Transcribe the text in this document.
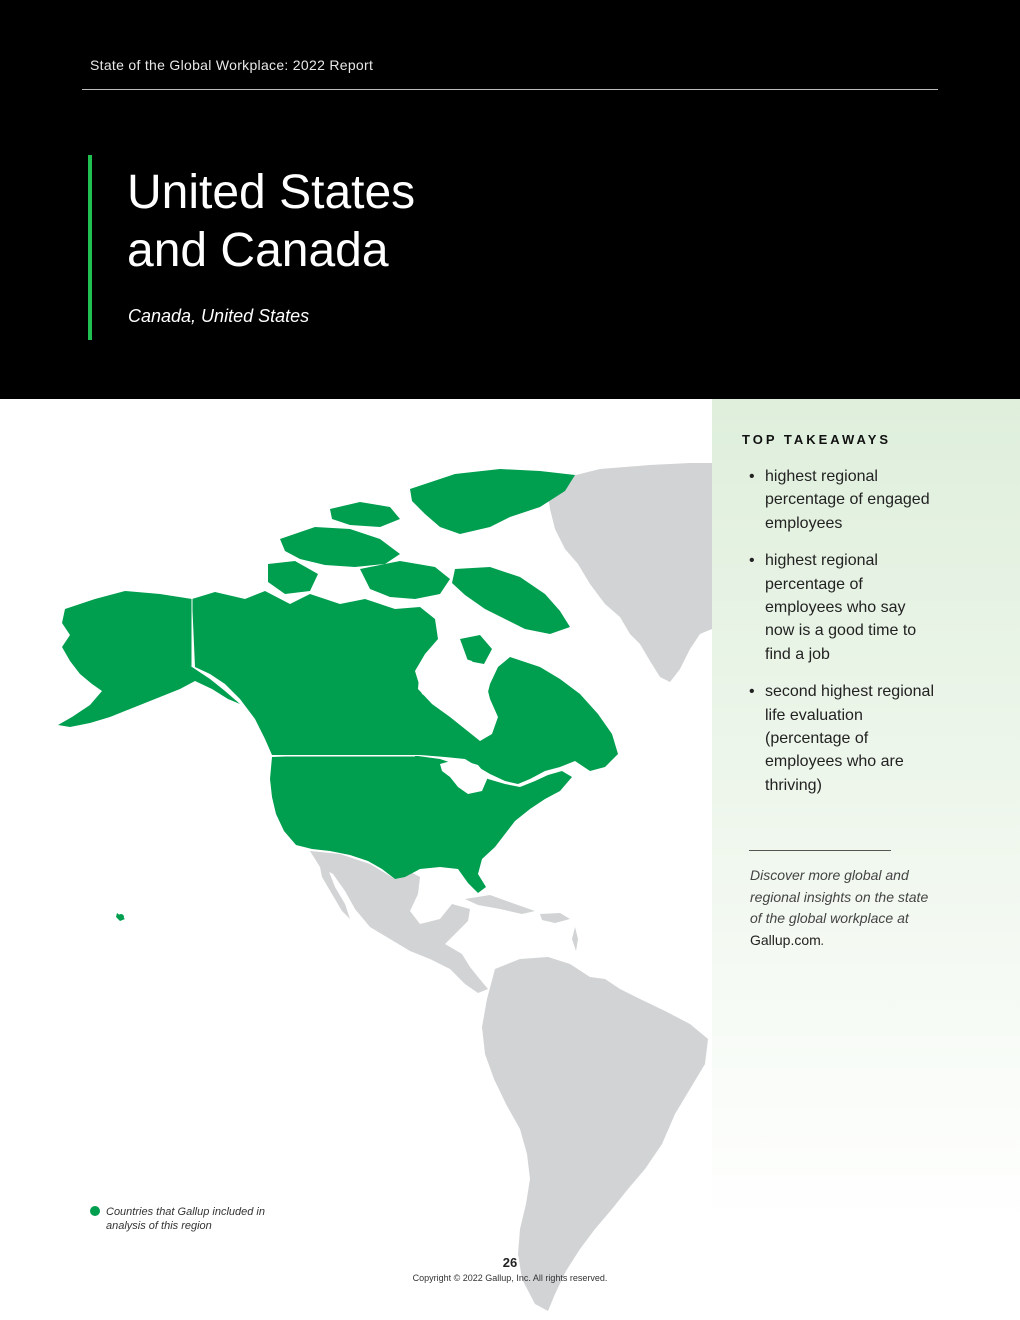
State of the Global Workplace: 2022 Report
United States
and Canada
Canada, United States
TOP TAKEAWAYS
• highest regional percentage of engaged employees
• highest regional percentage of employees who say now is a good time to find a job
• second highest regional life evaluation (percentage of employees who are thriving)

Discover more global and regional insights on the state of the global workplace at Gallup.com.

Countries that Gallup included in analysis of this region
26
Copyright © 2022 Gallup, Inc. All rights reserved.
